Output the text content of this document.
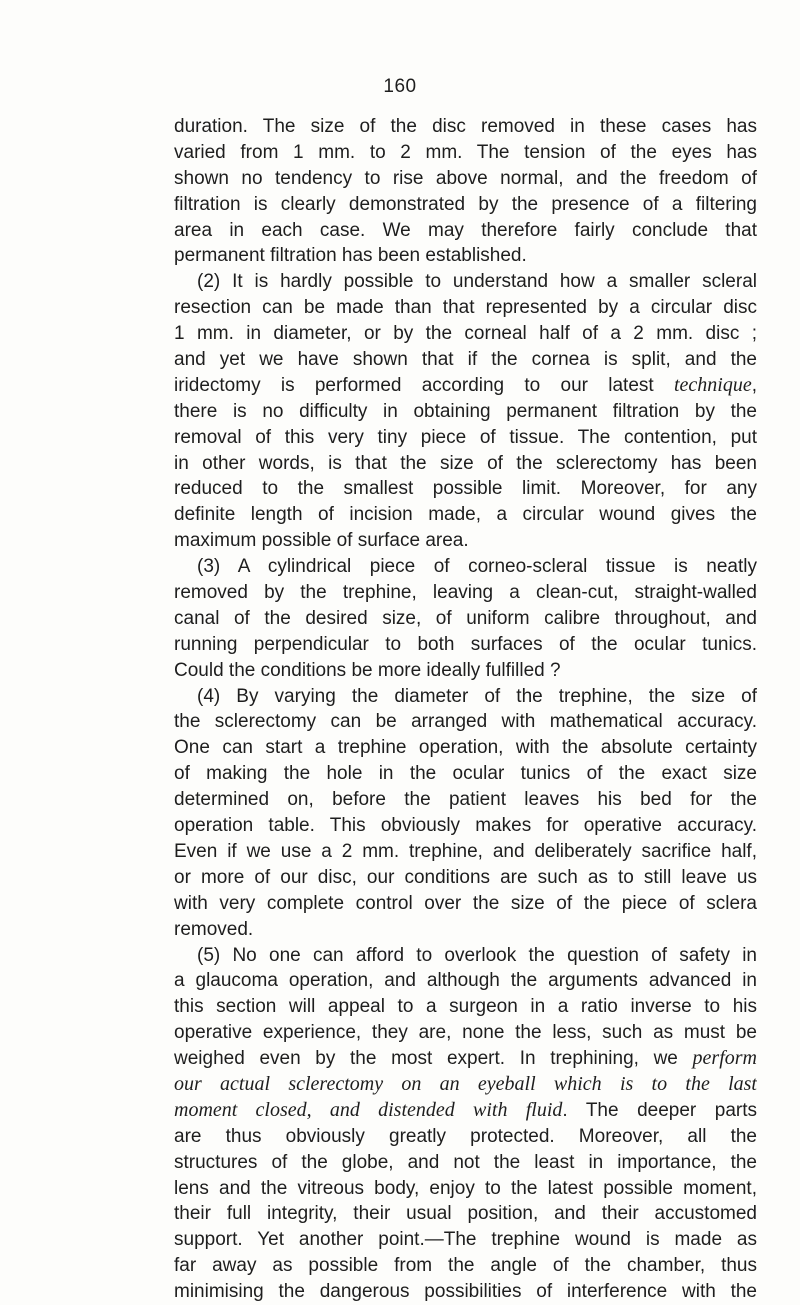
160
duration. The size of the disc removed in these cases has
varied from 1 mm. to 2 mm. The tension of the eyes has
shown no tendency to rise above normal, and the freedom of
filtration is clearly demonstrated by the presence of a filtering
area in each case. We may therefore fairly conclude that
permanent filtration has been established.
(2) It is hardly possible to understand how a smaller scleral
resection can be made than that represented by a circular disc
1 mm. in diameter, or by the corneal half of a 2 mm. disc ;
and yet we have shown that if the cornea is split, and the
iridectomy is performed according to our latest technique,
there is no difficulty in obtaining permanent filtration by the
removal of this very tiny piece of tissue. The contention, put
in other words, is that the size of the sclerectomy has been
reduced to the smallest possible limit. Moreover, for any
definite length of incision made, a circular wound gives the
maximum possible of surface area.
(3) A cylindrical piece of corneo-scleral tissue is neatly
removed by the trephine, leaving a clean-cut, straight-walled
canal of the desired size, of uniform calibre throughout, and
running perpendicular to both surfaces of the ocular tunics.
Could the conditions be more ideally fulfilled ?
(4) By varying the diameter of the trephine, the size of
the sclerectomy can be arranged with mathematical accuracy.
One can start a trephine operation, with the absolute certainty
of making the hole in the ocular tunics of the exact size
determined on, before the patient leaves his bed for the
operation table. This obviously makes for operative accuracy.
Even if we use a 2 mm. trephine, and deliberately sacrifice half,
or more of our disc, our conditions are such as to still leave us
with very complete control over the size of the piece of sclera
removed.
(5) No one can afford to overlook the question of safety in
a glaucoma operation, and although the arguments advanced in
this section will appeal to a surgeon in a ratio inverse to his
operative experience, they are, none the less, such as must be
weighed even by the most expert. In trephining, we perform
our actual sclerectomy on an eyeball which is to the last
moment closed, and distended with fluid. The deeper parts
are thus obviously greatly protected. Moreover, all the
structures of the globe, and not the least in importance, the
lens and the vitreous body, enjoy to the latest possible moment,
their full integrity, their usual position, and their accustomed
support. Yet another point.—The trephine wound is made as
far away as possible from the angle of the chamber, thus
minimising the dangerous possibilities of interference with the
